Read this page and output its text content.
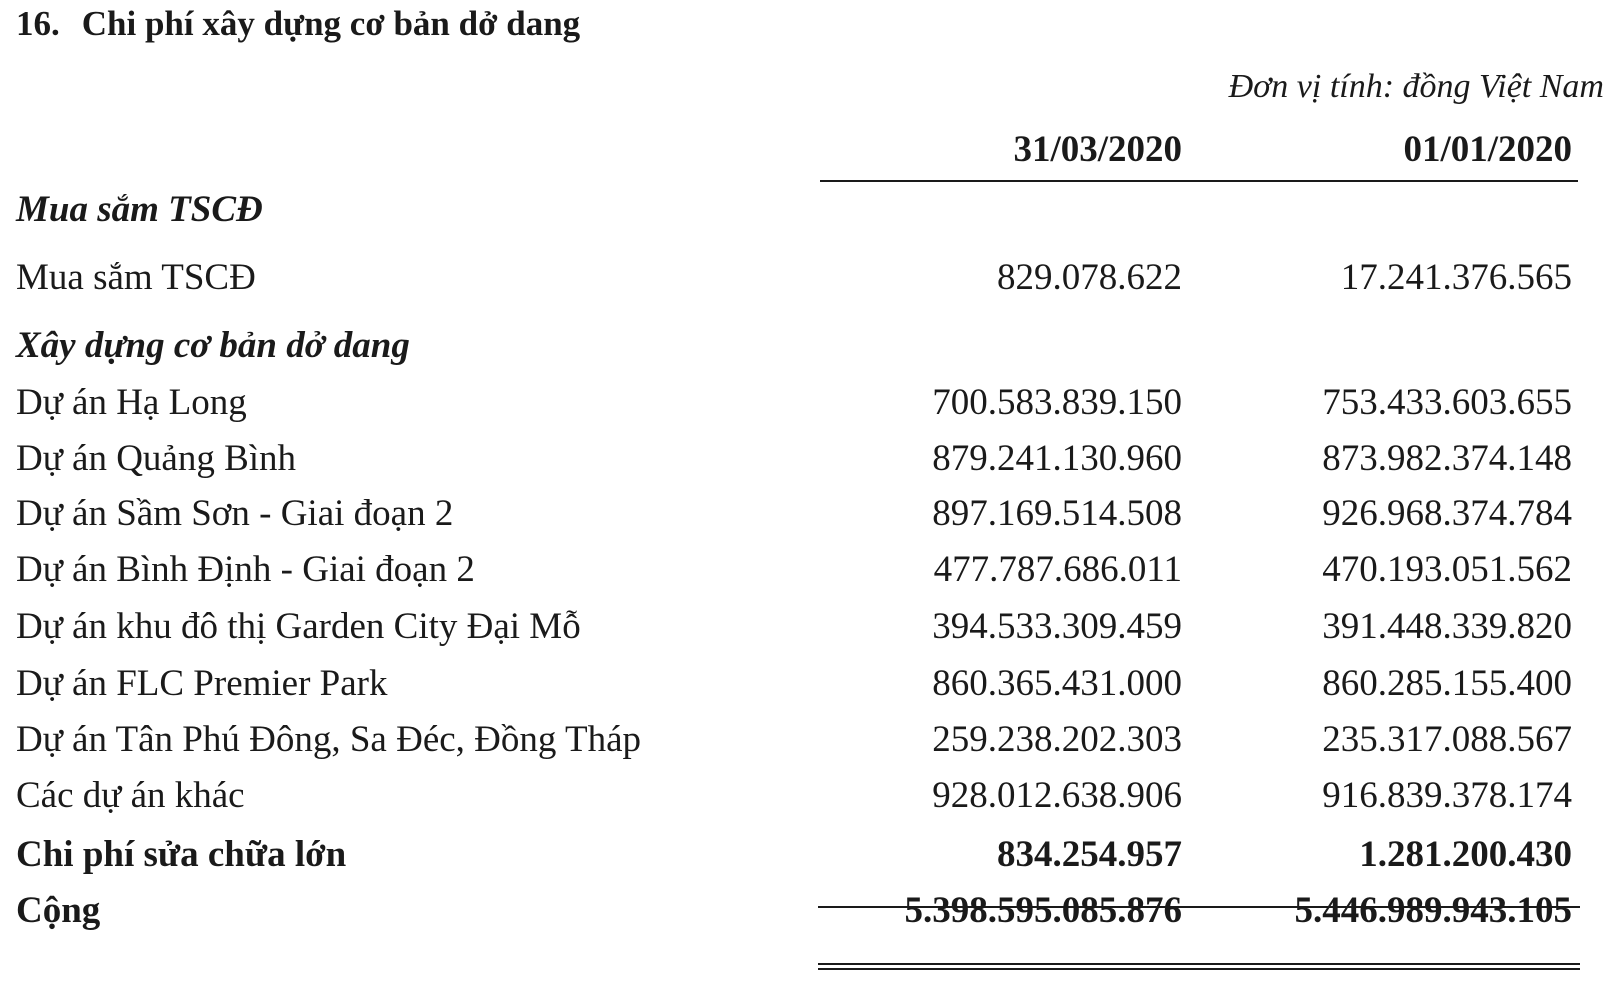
16. Chi phí xây dựng cơ bản dở dang
Đơn vị tính: đồng Việt Nam
31/03/2020	01/01/2020
Mua sắm TSCĐ
Mua sắm TSCĐ	829.078.622	17.241.376.565
Xây dựng cơ bản dở dang
Dự án Hạ Long	700.583.839.150	753.433.603.655
Dự án Quảng Bình	879.241.130.960	873.982.374.148
Dự án Sầm Sơn - Giai đoạn 2	897.169.514.508	926.968.374.784
Dự án Bình Định - Giai đoạn 2	477.787.686.011	470.193.051.562
Dự án khu đô thị Garden City Đại Mỗ	394.533.309.459	391.448.339.820
Dự án FLC Premier Park	860.365.431.000	860.285.155.400
Dự án Tân Phú Đông, Sa Đéc, Đồng Tháp	259.238.202.303	235.317.088.567
Các dự án khác	928.012.638.906	916.839.378.174
Chi phí sửa chữa lớn	834.254.957	1.281.200.430
Cộng	5.398.595.085.876	5.446.989.943.105
